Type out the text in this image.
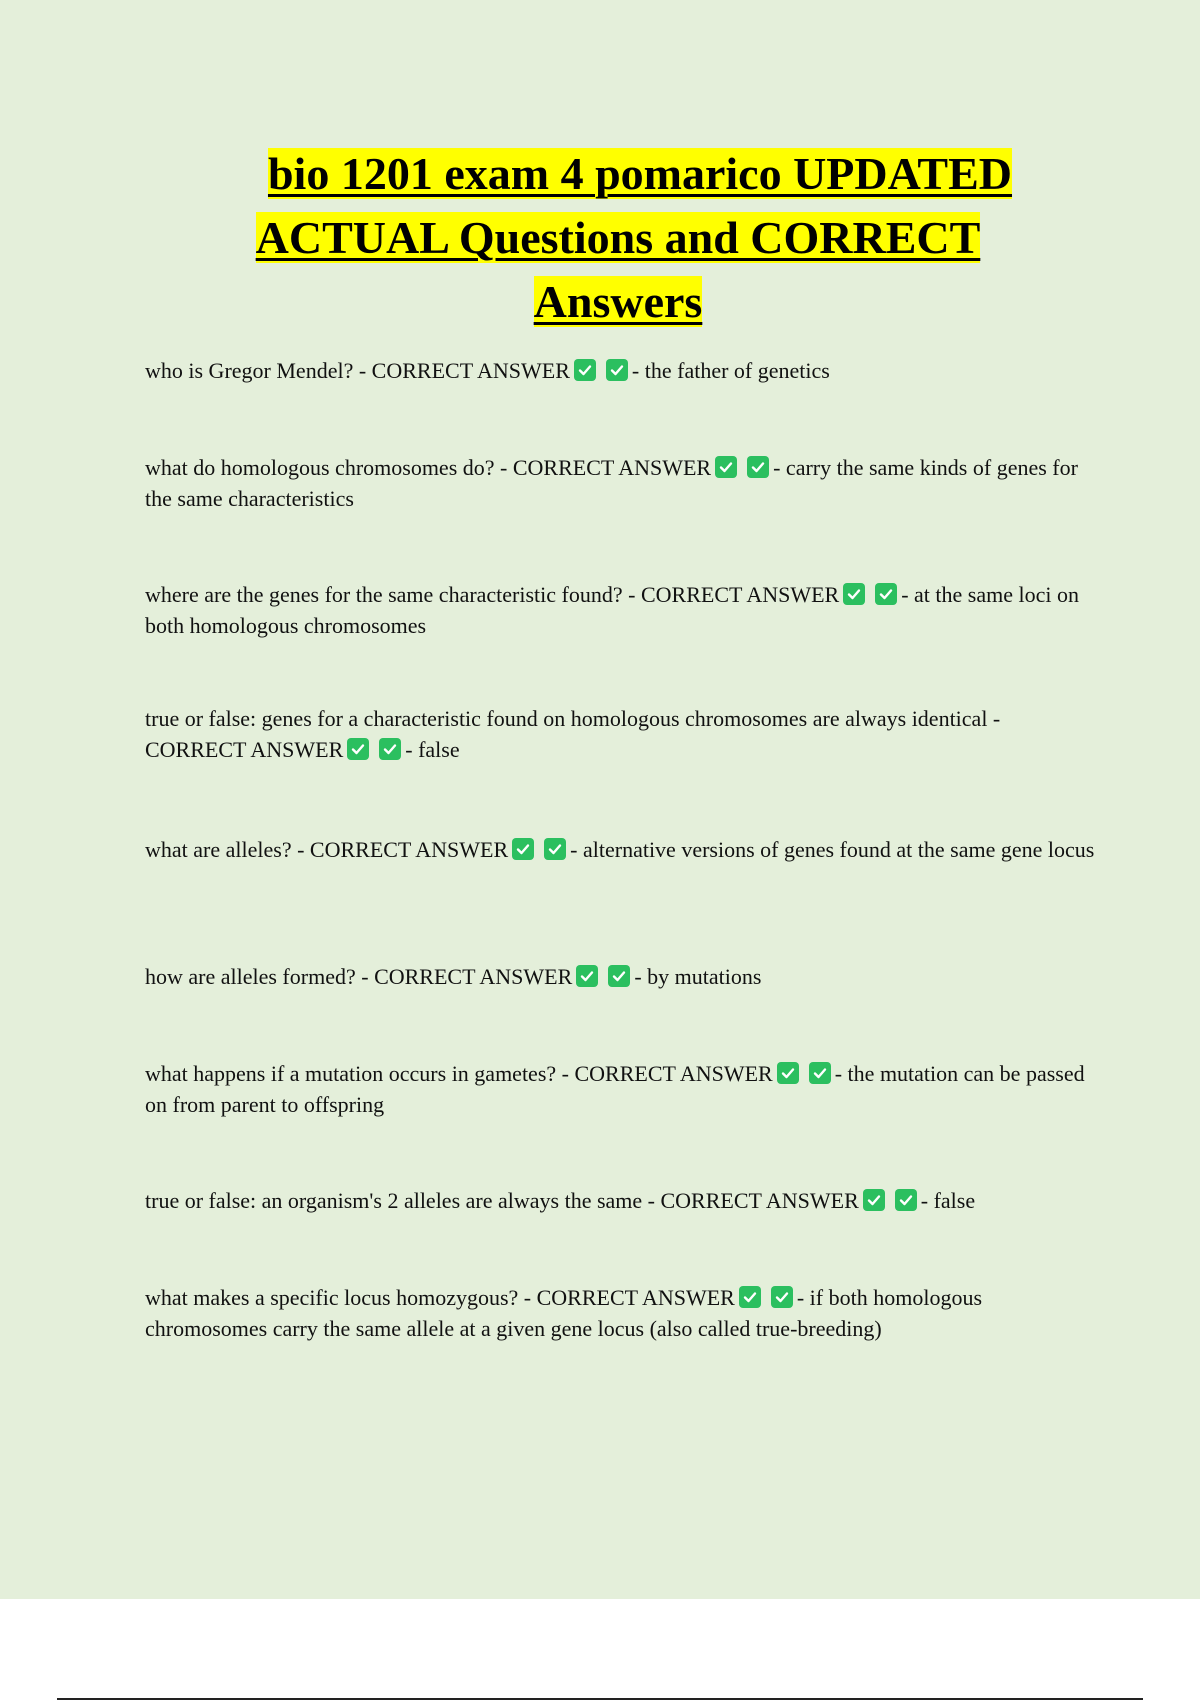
bio 1201 exam 4 pomarico UPDATED
ACTUAL Questions and CORRECT
Answers
who is Gregor Mendel? - CORRECT ANSWER	- the father of genetics
what do homologous chromosomes do? - CORRECT ANSWER	- carry the same kinds of genes for the same characteristics
where are the genes for the same characteristic found? - CORRECT ANSWER	- at the same loci on both homologous chromosomes
true or false: genes for a characteristic found on homologous chromosomes are always identical - CORRECT ANSWER	- false
what are alleles? - CORRECT ANSWER	- alternative versions of genes found at the same gene locus
how are alleles formed? - CORRECT ANSWER	- by mutations
what happens if a mutation occurs in gametes? - CORRECT ANSWER	- the mutation can be passed on from parent to offspring
true or false: an organism's 2 alleles are always the same - CORRECT ANSWER	- false
what makes a specific locus homozygous? - CORRECT ANSWER	- if both homologous chromosomes carry the same allele at a given gene locus (also called true-breeding)
